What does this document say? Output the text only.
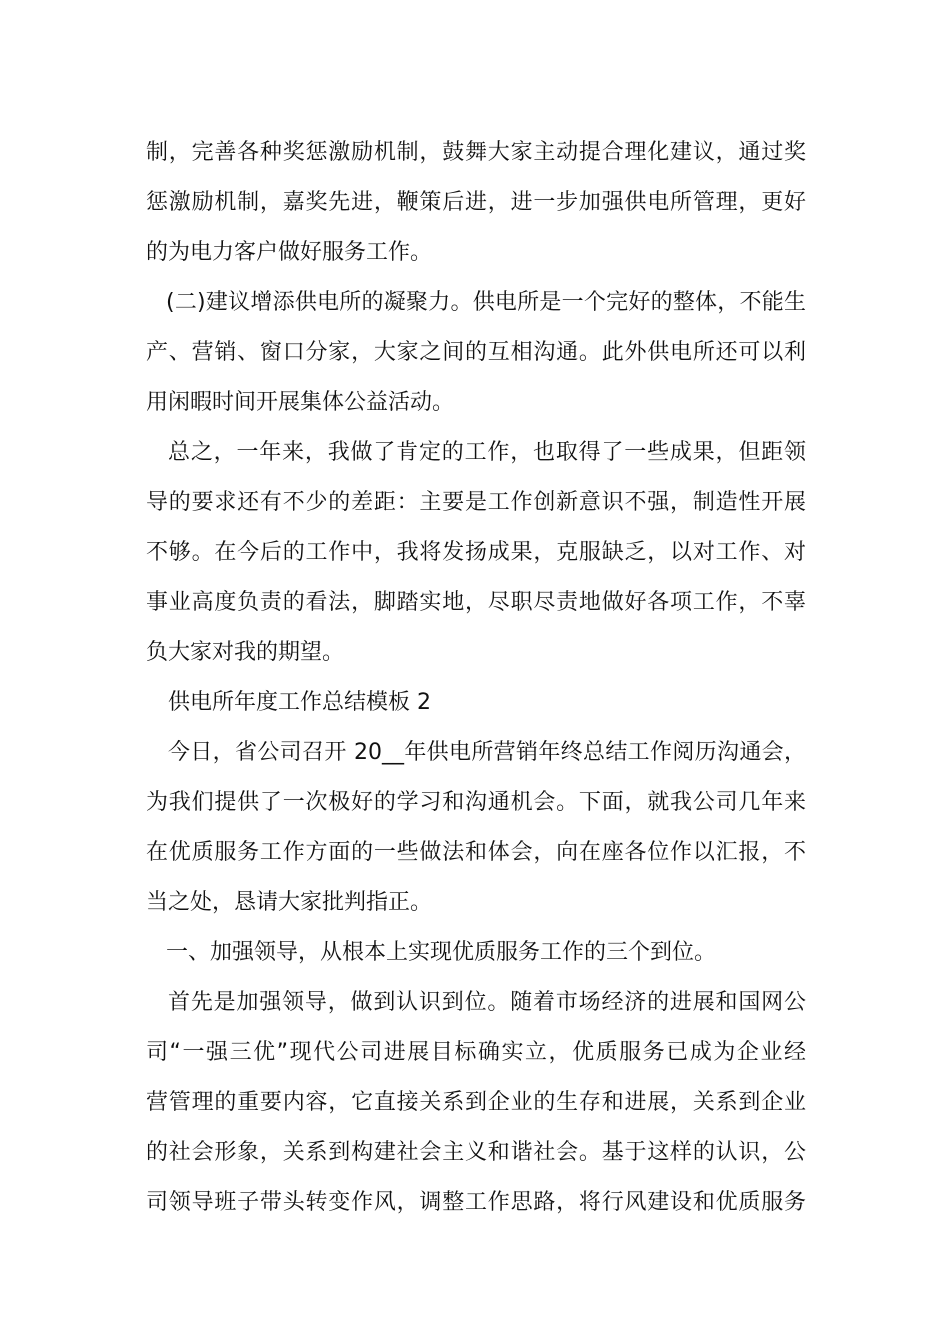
制，完善各种奖惩激励机制，鼓舞大家主动提合理化建议，通过奖
惩激励机制，嘉奖先进，鞭策后进，进一步加强供电所管理，更好
的为电力客户做好服务工作。
(二)建议增添供电所的凝聚力。供电所是一个完好的整体，不能生
产、营销、窗口分家，大家之间的互相沟通。此外供电所还可以利
用闲暇时间开展集体公益活动。
总之，一年来，我做了肯定的工作，也取得了一些成果，但距领
导的要求还有不少的差距：主要是工作创新意识不强，制造性开展
不够。在今后的工作中，我将发扬成果，克服缺乏，以对工作、对
事业高度负责的看法，脚踏实地，尽职尽责地做好各项工作，不辜
负大家对我的期望。
供电所年度工作总结模板 2
今日，省公司召开 20__年供电所营销年终总结工作阅历沟通会，
为我们提供了一次极好的学习和沟通机会。下面，就我公司几年来
在优质服务工作方面的一些做法和体会，向在座各位作以汇报，不
当之处，恳请大家批判指正。
一、加强领导，从根本上实现优质服务工作的三个到位。
首先是加强领导，做到认识到位。随着市场经济的进展和国网公
司“一强三优”现代公司进展目标确实立，优质服务已成为企业经
营管理的重要内容，它直接关系到企业的生存和进展，关系到企业
的社会形象，关系到构建社会主义和谐社会。基于这样的认识，公
司领导班子带头转变作风，调整工作思路，将行风建设和优质服务
